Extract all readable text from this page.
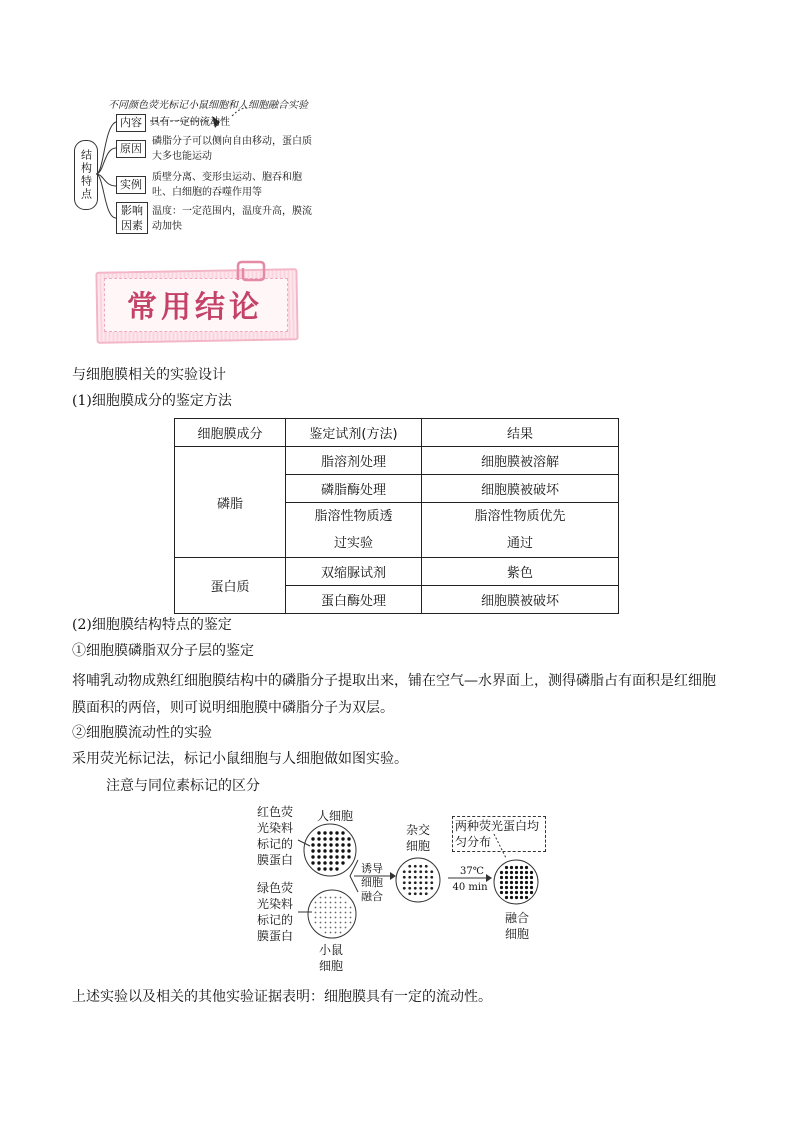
不同颜色荧光标记小鼠细胞和人细胞融合实验
结构特点
内容 具有一定的流动性
原因
磷脂分子可以侧向自由移动，蛋白质大多也能运动
实例
质壁分离、变形虫运动、胞吞和胞吐、白细胞的吞噬作用等
影响因素
温度：一定范围内，温度升高，膜流动加快
常用结论
与细胞膜相关的实验设计
(1)细胞膜成分的鉴定方法
细胞膜成分	鉴定试剂(方法)	结果
磷脂	脂溶剂处理	细胞膜被溶解
	磷脂酶处理	细胞膜被破坏

	脂溶性物质透过实验	脂溶性物质优先通过

蛋白质	双缩脲试剂	紫色
	蛋白酶处理	细胞膜被破坏
(2)细胞膜结构特点的鉴定
①细胞膜磷脂双分子层的鉴定
将哺乳动物成熟红细胞膜结构中的磷脂分子提取出来，铺在空气—水界面上，测得磷脂占有面积是红细胞膜面积的两倍，则可说明细胞膜中磷脂分子为双层。
②细胞膜流动性的实验
采用荧光标记法，标记小鼠细胞与人细胞做如图实验。
注意与同位素标记的区分
红色荧光染料标记的膜蛋白
绿色荧光染料标记的膜蛋白
人细胞
小鼠细胞
诱导细胞融合
杂交细胞
37℃
40 min
两种荧光蛋白均匀分布
融合细胞
上述实验以及相关的其他实验证据表明：细胞膜具有一定的流动性。
